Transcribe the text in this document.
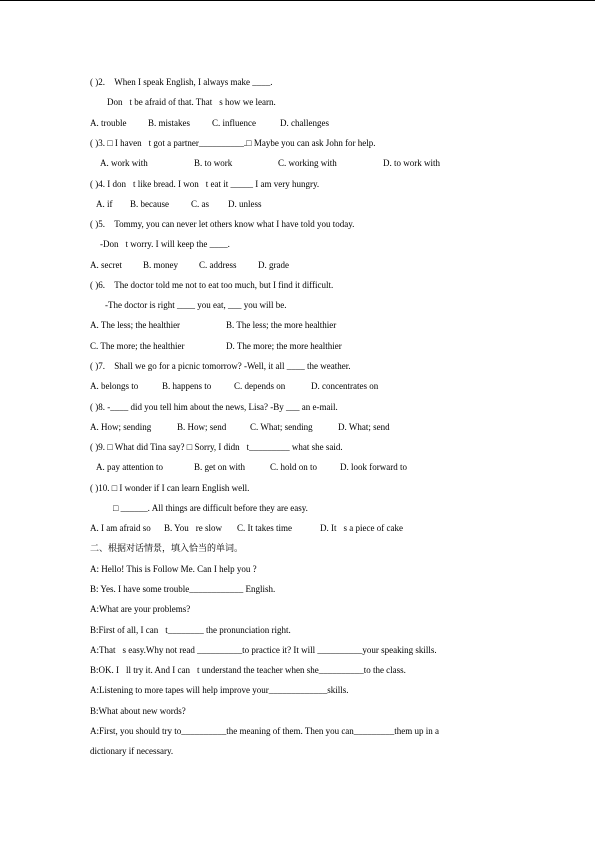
( )2.  When I speak English, I always make ____.
 Don t be afraid of that. That s how we learn.
A. trouble B. mistakes C. influence	D. challenges
( )3. □ I haven t got a partner__________.□ Maybe you can ask John for help.
A. work with	B. to work	C. working with	D. to work with
( )4. I don t like bread. I won t eat it _____ I am very hungry.
A. if B. because C. as D. unless
( )5.  Tommy, you can never let others know what I have told you today.
-Don t worry. I will keep the ____.
A. secret B. money C. address D. grade
( )6.  The doctor told me not to eat too much, but I find it difficult.
-The doctor is right ____ you eat, ___ you will be.
A. The less; the healthier	B. The less; the more healthier
C. The more; the healthier	D. The more; the more healthier
( )7.  Shall we go for a picnic tomorrow? -Well, it all ____ the weather.
A. belongs to	B. happens to	C. depends on	D. concentrates on
( )8. -____ did you tell him about the news, Lisa? -By ___ an e-mail.
A. How; sending	B. How; send	C. What; sending	D. What; send
( )9. □ What did Tina say? □ Sorry, I didn t_________ what she said.
A. pay attention to	B. get on with	C. hold on to	D. look forward to
( )10. □ I wonder if I can learn English well.
□ ______. All things are difficult before they are easy.
A. I am afraid so B. You re slow C. It takes time	D. It s a piece of cake
二、根据对话情景，填入恰当的单词。
A: Hello! This is Follow Me. Can I help you ?
B: Yes. I have some trouble____________ English.
A:What are your problems?
B:First of all, I can t________ the pronunciation right.
A:That s easy.Why not read __________to practice it? It will __________your speaking skills.
B:OK. I ll try it. And I can t understand the teacher when she__________to the class.
A:Listening to more tapes will help improve your_____________skills.
B:What about new words?
A:First, you should try to__________the meaning of them. Then you can_________them up in a
dictionary if necessary.
